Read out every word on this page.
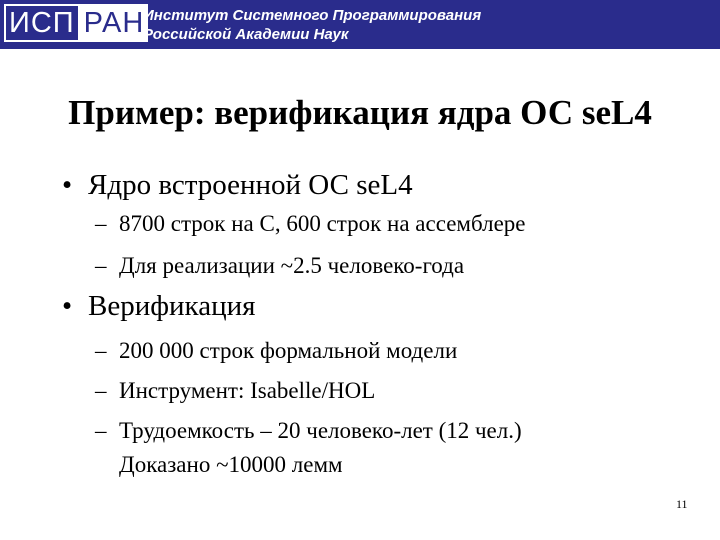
ИСП РАН
Институт Системного Программирования
Российской Академии Наук
Пример: верификация ядра ОС seL4
• Ядро встроенной ОС seL4
– 8700 строк на С, 600 строк на ассемблере
– Для реализации ~2.5 человеко-года
• Верификация
– 200 000 строк формальной модели
– Инструмент: Isabelle/HOL
– Трудоемкость – 20 человеко-лет (12 чел.)
Доказано ~10000 лемм
11
